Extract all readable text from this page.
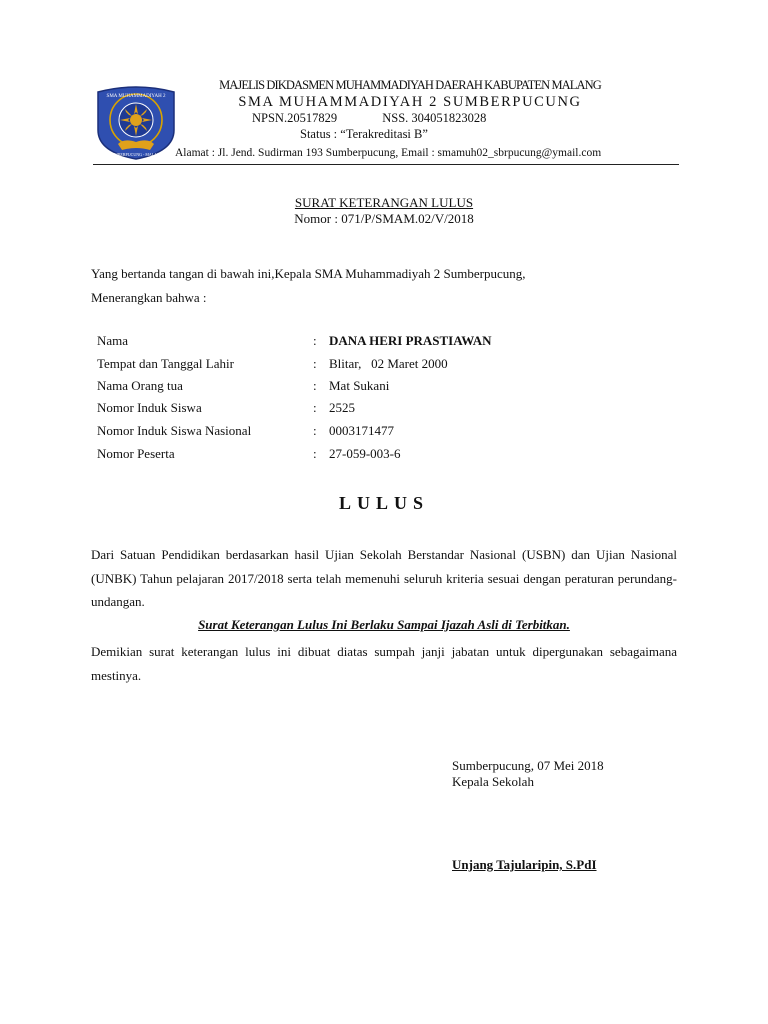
SMA MUHAMMADIYAH 2
SUMBERPUCUNG - MALANG
MAJELIS DIKDASMEN MUHAMMADIYAH DAERAH KABUPATEN MALANG
SMA MUHAMMADIYAH 2 SUMBERPUCUNG
NPSN.20517829	NSS. 304051823028
Status : “Terakreditasi B”
Alamat : Jl. Jend. Sudirman 193 Sumberpucung, Email : smamuh02_sbrpucung@ymail.com
SURAT KETERANGAN LULUS
Nomor : 071/P/SMAM.02/V/2018
Yang bertanda tangan di bawah ini,Kepala SMA Muhammadiyah 2 Sumberpucung,
Menerangkan bahwa :
Nama	: DANA HERI PRASTIAWAN
Tempat dan Tanggal Lahir	: Blitar,   02 Maret 2000
Nama Orang tua	: Mat Sukani
Nomor Induk Siswa	: 2525
Nomor Induk Siswa Nasional	: 0003171477
Nomor Peserta	: 27-059-003-6
LULUS
Dari Satuan Pendidikan berdasarkan hasil Ujian Sekolah Berstandar Nasional (USBN) dan Ujian Nasional (UNBK) Tahun pelajaran 2017/2018 serta telah memenuhi seluruh kriteria sesuai dengan peraturan perundang-undangan.
Surat Keterangan Lulus Ini Berlaku Sampai Ijazah Asli di Terbitkan.
Demikian surat keterangan lulus ini dibuat diatas sumpah janji jabatan untuk dipergunakan sebagaimana mestinya.
Sumberpucung, 07 Mei 2018
Kepala Sekolah
Unjang Tajularipin, S.PdI
